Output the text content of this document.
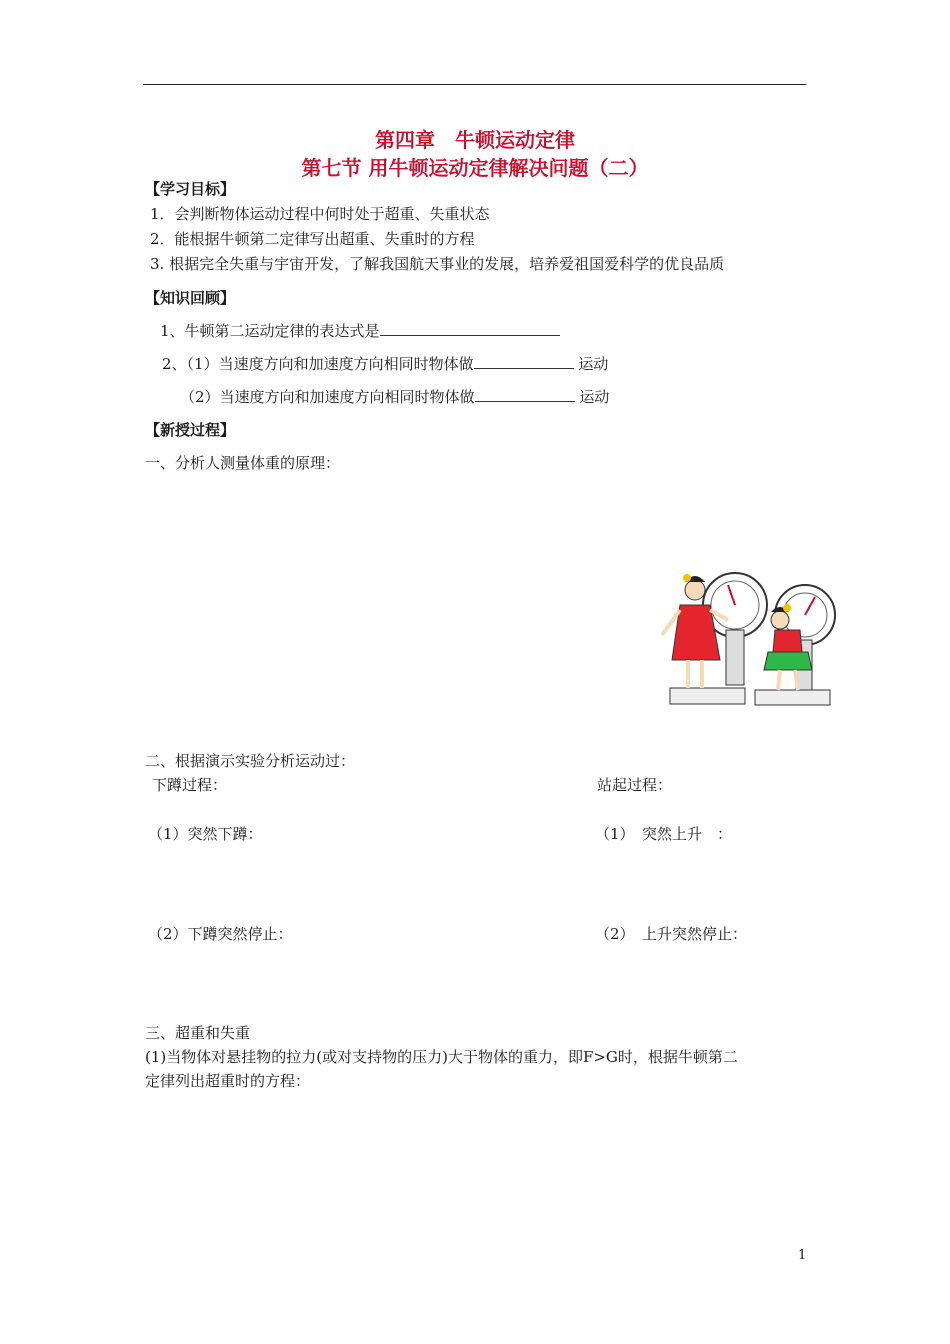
第四章　牛顿运动定律
第七节 用牛顿运动定律解决问题（二）
【学习目标】
1．会判断物体运动过程中何时处于超重、失重状态
2．能根据牛顿第二定律写出超重、失重时的方程
3. 根据完全失重与宇宙开发，了解我国航天事业的发展，培养爱祖国爱科学的优良品质
【知识回顾】
1、牛顿第二运动定律的表达式是
2、（1）当速度方向和加速度方向相同时物体做	运动
（2）当速度方向和加速度方向相同时物体做	运动
【新授过程】
一、分析人测量体重的原理：
二、根据演示实验分析运动过：
下蹲过程：	站起过程：
（1）突然下蹲：	（1）　突然上升　：
（2）下蹲突然停止：	（2）　上升突然停止：
三、超重和失重
(1)当物体对悬挂物的拉力(或对支持物的压力)大于物体的重力，即F>G时，根据牛顿第二
定律列出超重时的方程：
1
